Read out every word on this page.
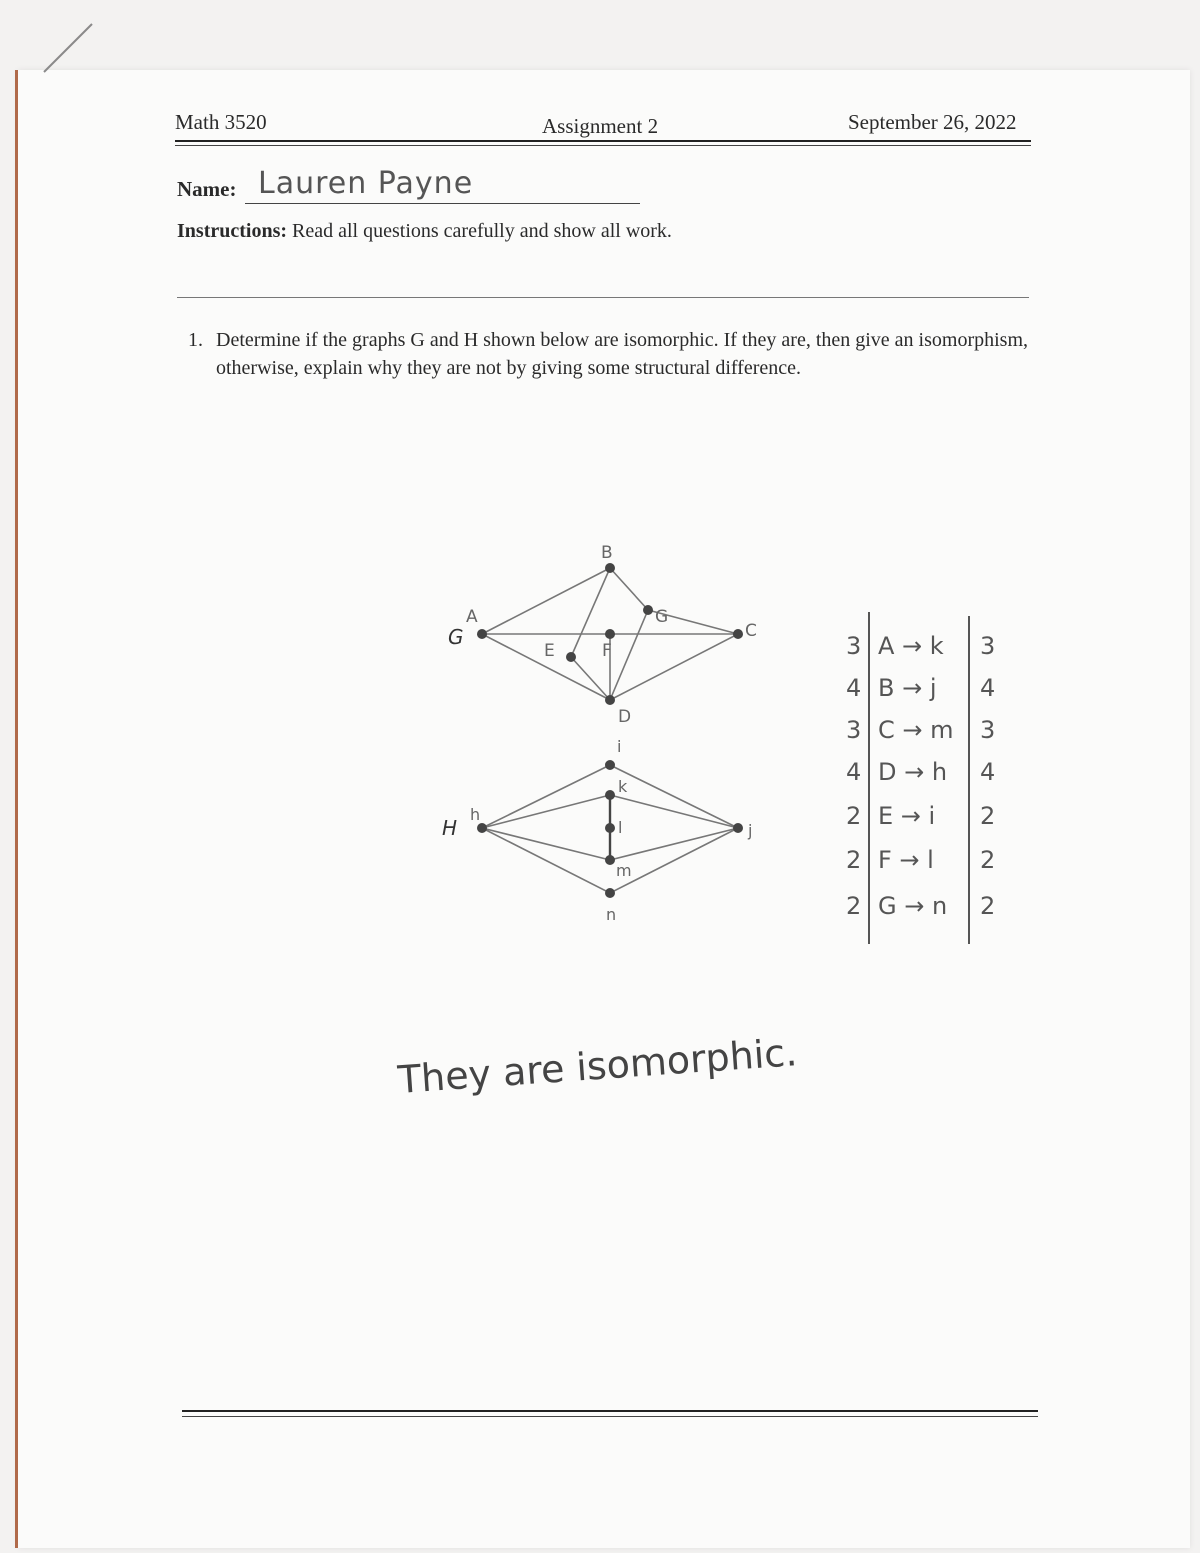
Math 3520	Assignment 2	September 26, 2022
Name: Lauren Payne
Instructions: Read all questions carefully and show all work.
1. Determine if the graphs G and H shown below are isomorphic. If they are, then give an isomorphism, otherwise, explain why they are not by giving some structural difference.
G
H
A
B
C
D
E	F
G
h
i
j
k
l
m
n
3 A → k 3
4 B → j 4
3 C → m 3
4 D → h 4
2 E → i 2
2 F → l 2
2 G → n 2
They are isomorphic.
